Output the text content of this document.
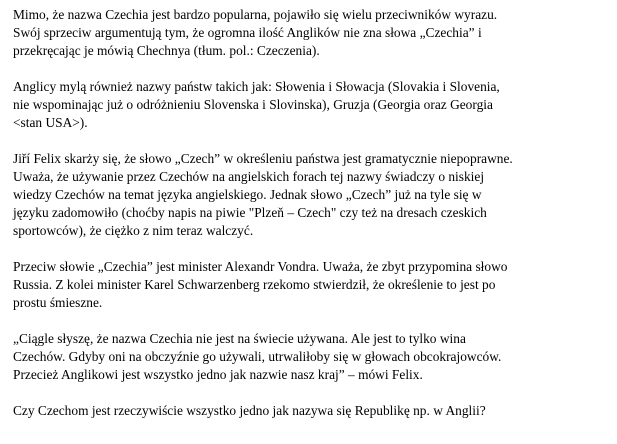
Mimo, że nazwa Czechia jest bardzo popularna, pojawiło się wielu przeciwników wyrazu.
Swój sprzeciw argumentują tym, że ogromna ilość Anglików nie zna słowa „Czechia” i
przekręcając je mówią Chechnya (tłum. pol.: Czeczenia).

Anglicy mylą również nazwy państw takich jak: Słowenia i Słowacja (Slovakia i Slovenia,
nie wspominając już o odróżnieniu Slovenska i Slovinska), Gruzja (Georgia oraz Georgia
<stan USA>).

Jiří Felix skarży się, że słowo „Czech” w określeniu państwa jest gramatycznie niepoprawne.
Uważa, że używanie przez Czechów na angielskich forach tej nazwy świadczy o niskiej
wiedzy Czechów na temat języka angielskiego. Jednak słowo „Czech” już na tyle się w
języku zadomowiło (choćby napis na piwie "Plzeň – Czech" czy też na dresach czeskich
sportowców), że ciężko z nim teraz walczyć.

Przeciw słowie „Czechia” jest minister Alexandr Vondra. Uważa, że zbyt przypomina słowo
Russia. Z kolei minister Karel Schwarzenberg rzekomo stwierdził, że określenie to jest po
prostu śmieszne.

„Ciągle słyszę, że nazwa Czechia nie jest na świecie używana. Ale jest to tylko wina
Czechów. Gdyby oni na obczyźnie go używali, utrwaliłoby się w głowach obcokrajowców.
Przecież Anglikowi jest wszystko jedno jak nazwie nasz kraj” – mówi Felix.

Czy Czechom jest rzeczywiście wszystko jedno jak nazywa się Republikę np. w Anglii?
